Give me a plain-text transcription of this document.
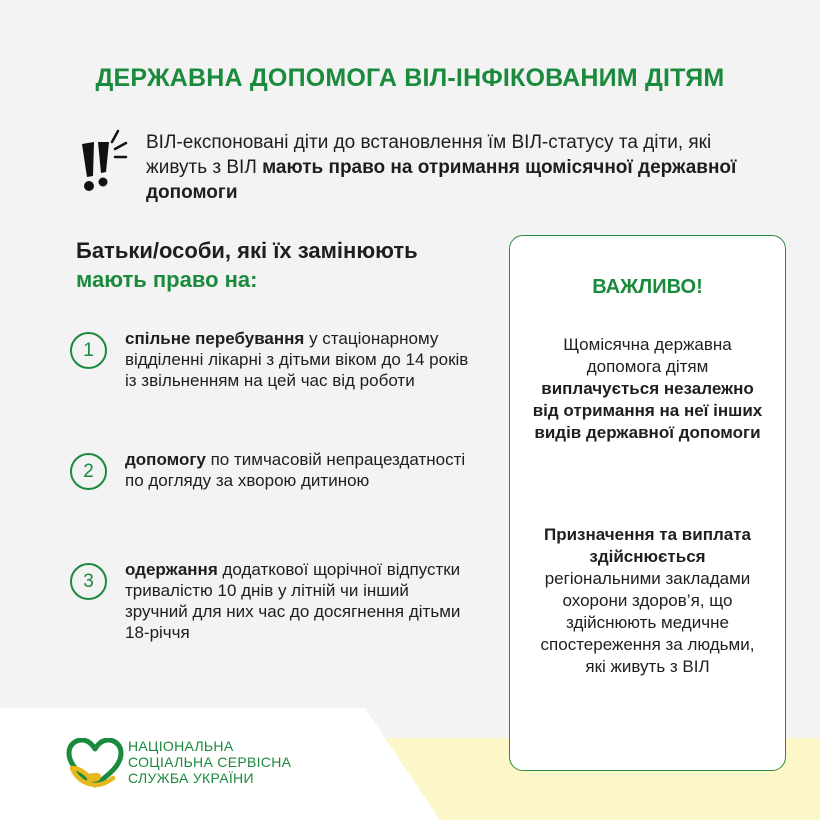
ДЕРЖАВНА ДОПОМОГА ВІЛ-ІНФІКОВАНИМ ДІТЯМ

ВІЛ-експоновані діти до встановлення їм ВІЛ-статусу та діти, які живуть з ВІЛ мають право на отримання щомісячної державної допомоги

Батьки/особи, які їх замінюють
мають право на:
1

спільне перебування у стаціонарному відділенні лікарні з дітьми віком до 14 років із звільненням на цей час від роботи

2

допомогу по тимчасовій непрацездатності по догляду за хворою дитиною

3

одержання додаткової щорічної відпустки тривалістю 10 днів у літній чи інший зручний для них час до досягнення дітьми 18-річчя

ВАЖЛИВО!

Щомісячна державна допомога дітям
виплачується незалежно від отримання на неї інших видів державної допомоги

Призначення та виплата здійснюється
регіональними закладами охорони здоров’я, що здійснюють медичне спостереження за людьми, які живуть з ВІЛ

НАЦІОНАЛЬНА
СОЦІАЛЬНА СЕРВІСНА
СЛУЖБА УКРАЇНИ
